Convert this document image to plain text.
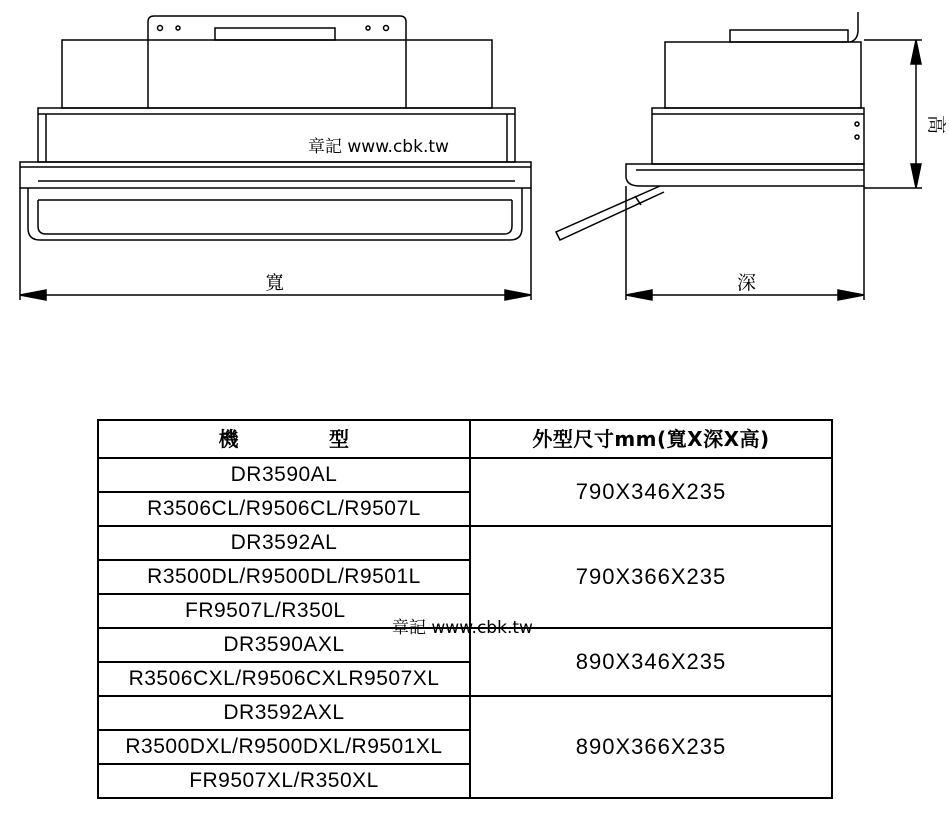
章記 www.cbk.tw
寬	深
高
機 型	外型尺寸mm(寬X深X高)
DR3590AL	790X346X235
R3506CL/R9506CL/R9507L	
DR3592AL	790X366X235
R3500DL/R9500DL/R9501L	
FR9507L/R350L	
DR3590AXL	890X346X235
R3506CXL/R9506CXLR9507XL	
DR3592AXL	890X366X235
R3500DXL/R9500DXL/R9501XL	
FR9507XL/R350XL	
章記 www.cbk.tw
